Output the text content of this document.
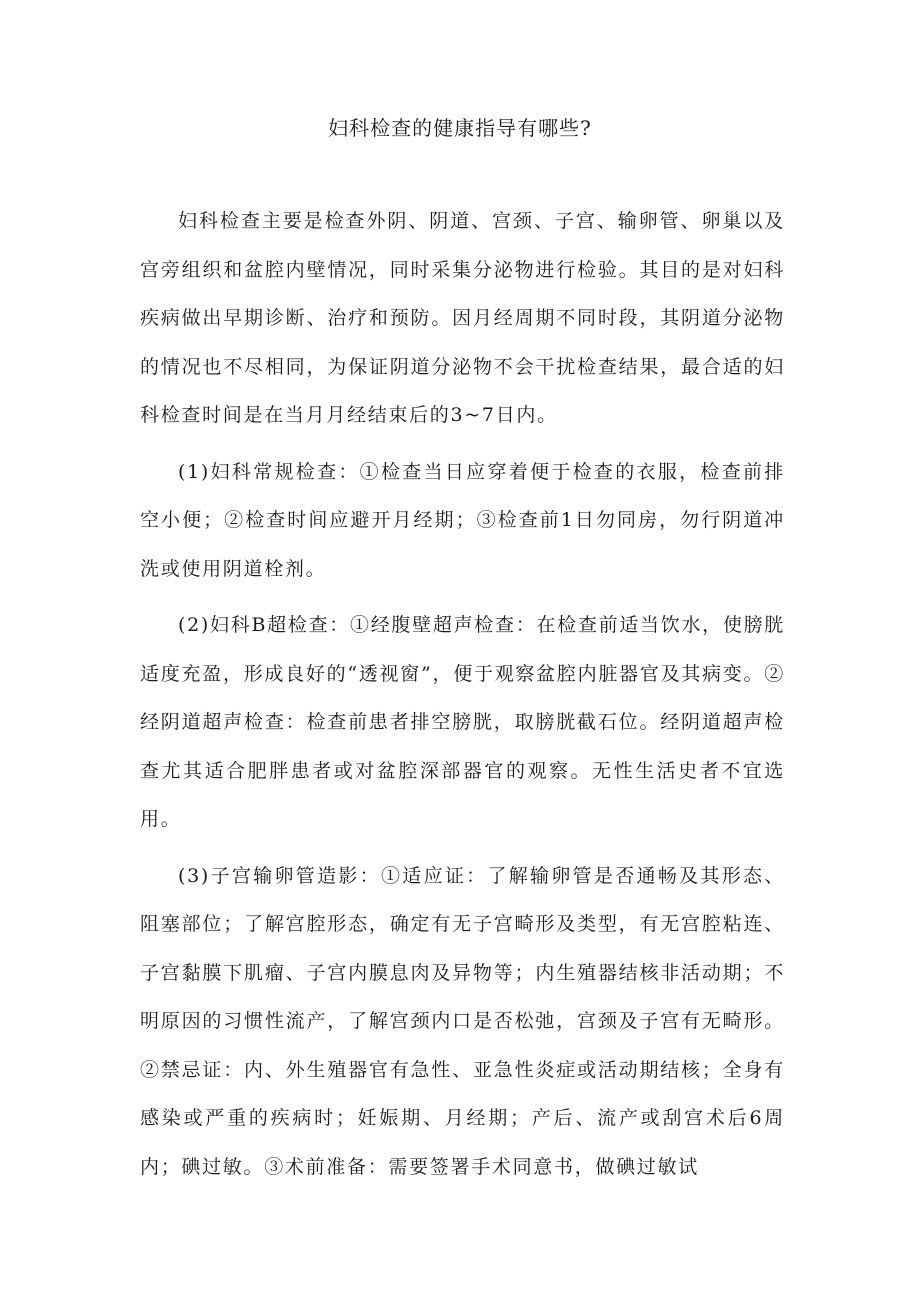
妇科检查的健康指导有哪些?

妇科检查主要是检查外阴、阴道、宫颈、子宫、输卵管、卵巢以及宫旁组织和盆腔内壁情况，同时采集分泌物进行检验。其目的是对妇科疾病做出早期诊断、治疗和预防。因月经周期不同时段，其阴道分泌物的情况也不尽相同，为保证阴道分泌物不会干扰检查结果，最合适的妇科检查时间是在当月月经结束后的3~7日内。

(1)妇科常规检查：①检查当日应穿着便于检查的衣服，检查前排空小便；②检查时间应避开月经期；③检查前1日勿同房，勿行阴道冲洗或使用阴道栓剂。

(2)妇科B超检查：①经腹壁超声检查：在检查前适当饮水，使膀胱适度充盈，形成良好的“透视窗”，便于观察盆腔内脏器官及其病变。②经阴道超声检查：检查前患者排空膀胱，取膀胱截石位。经阴道超声检查尤其适合肥胖患者或对盆腔深部器官的观察。无性生活史者不宜选用。

(3)子宫输卵管造影：①适应证：了解输卵管是否通畅及其形态、阻塞部位；了解宫腔形态，确定有无子宫畸形及类型，有无宫腔粘连、子宫黏膜下肌瘤、子宫内膜息肉及异物等；内生殖器结核非活动期；不明原因的习惯性流产，了解宫颈内口是否松弛，宫颈及子宫有无畸形。②禁忌证：内、外生殖器官有急性、亚急性炎症或活动期结核；全身有感染或严重的疾病时；妊娠期、月经期；产后、流产或刮宫术后6周内；碘过敏。③术前准备：需要签署手术同意书，做碘过敏试
